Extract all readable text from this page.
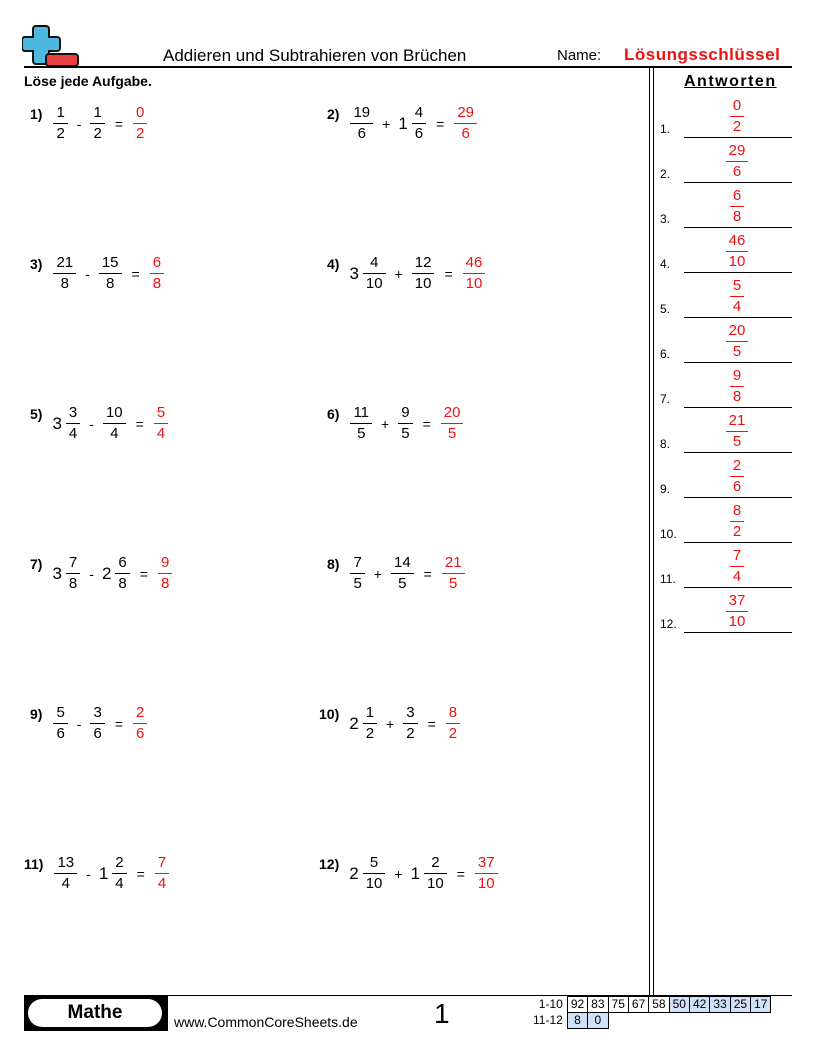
Addieren und Subtrahieren von Brüchen	Name: Lösungsschlüssel
Löse jede Aufgabe.
$1) \frac{1}{2} - \frac{1}{2} = \frac{0}{2}$	$2) \frac{19}{6} + 1 \frac{4}{6} = \frac{29}{6}$
$3) \frac{21}{8} - \frac{15}{8} = \frac{6}{8}$	4) $3 \frac{4}{10} + \frac{12}{10} = \frac{46}{10}$
5) $3 \frac{3}{4} - \frac{10}{4} = \frac{5}{4}$	$6) \frac{11}{5} + \frac{9}{5} = \frac{20}{5}$
7) $3 \frac{7}{8} - 2 \frac{6}{8} = \frac{9}{8}$	$8) \frac{7}{5} + \frac{14}{5} = \frac{21}{5}$
$9) \frac{5}{6} - \frac{3}{6} = \frac{2}{6}$	10) $2 \frac{1}{2} + \frac{3}{2} = \frac{8}{2}$
$11) \frac{13}{4} - 1 \frac{2}{4} = \frac{7}{4}$	12) $2 \frac{5}{10} + 1 \frac{2}{10} = \frac{37}{10}$
Antworten
1.	$\frac{0}{2}$
2.	$\frac{29}{6}$
3.	$\frac{6}{8}$
4.	$\frac{46}{10}$
5.	$\frac{5}{4}$
6.	$\frac{20}{5}$
7.	$\frac{9}{8}$
8.	$\frac{21}{5}$
9.	$\frac{2}{6}$
10.	$\frac{8}{2}$
11.	$\frac{7}{4}$
12.	$\frac{37}{10}$
Mathe	www.CommonCoreSheets.de	1	1-10	92	83	75	67	58	50	42	33	25	17
11-12	8	0								
